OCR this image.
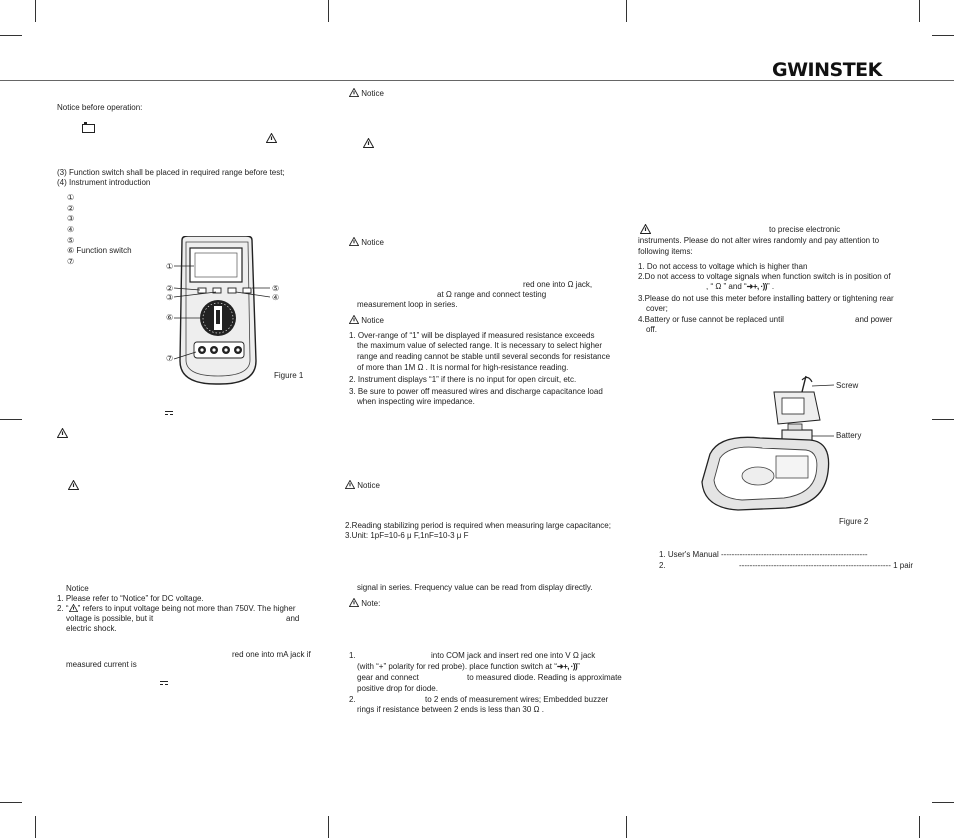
GWINSTEK
Notice before operation:
(3) Function switch shall be placed in required range before test;
(4) Instrument introduction
①
②
③
④
⑤
⑥ Function switch
⑦
①
②
③
⑤
④
⑥
⑦
Figure 1
Notice
1. Please refer to “Notice” for DC voltage.
2. “ ” refers to input voltage being not more than 750V. The higher
voltage is possible, but it	and
electric shock.
red one into mA jack if
measured current is
Notice
Notice
red one into Ω jack,
at Ω range and connect testing
measurement loop in series.
Notice
1. Over-range of “1” will be displayed if measured resistance exceeds
the maximum value of selected range. It is necessary to select higher
range and reading cannot be stable until several seconds for resistance
of more than 1M Ω . It is normal for high-resistance reading.
2. Instrument displays “1” if there is no input for open circuit, etc.
3. Be sure to power off measured wires and discharge capacitance load
when inspecting wire impedance.
Notice
2.Reading stabilizing period is required when measuring large capacitance;
3.Unit: 1pF=10-6 μ F,1nF=10-3 μ F
signal in series. Frequency value can be read from display directly.
Note:
1.	into COM jack and insert red one into V Ω jack
(with “+” polarity for red probe). place function switch at “➜+, ·))”
gear and connect	to measured diode. Reading is approximate
positive drop for diode.
2.	to 2 ends of measurement wires; Embedded buzzer
rings if resistance between 2 ends is less than 30 Ω .
to precise electronic
instruments. Please do not alter wires randomly and pay attention to
following items:
1. Do not access to voltage which is higher than
2.Do not access to voltage signals when function switch is in position of
, “ Ω ” and “➜+, ·))” .
3.Please do not use this meter before installing battery or tightening rear
cover;
4.Battery or fuse cannot be replaced until	and power
off.
Screw
Battery
Figure 2
1. User's Manual -------------------------------------------------------
2.	--------------------------------------------------------- 1 pair
